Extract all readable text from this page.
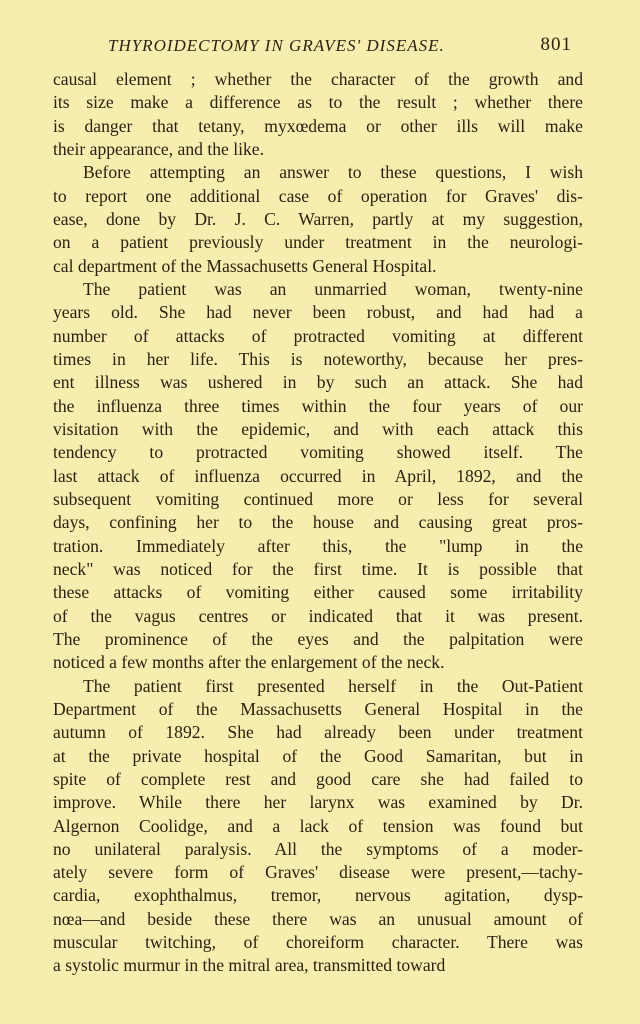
THYROIDECTOMY IN GRAVES' DISEASE.	801
causal element ; whether the character of the growth and
its size make a difference as to the result ; whether there
is danger that tetany, myxœdema or other ills will make
their appearance, and the like.
Before attempting an answer to these questions, I wish
to report one additional case of operation for Graves' dis-
ease, done by Dr. J. C. Warren, partly at my suggestion,
on a patient previously under treatment in the neurologi-
cal department of the Massachusetts General Hospital.
The patient was an unmarried woman, twenty-nine
years old. She had never been robust, and had had a
number of attacks of protracted vomiting at different
times in her life. This is noteworthy, because her pres-
ent illness was ushered in by such an attack. She had
the influenza three times within the four years of our
visitation with the epidemic, and with each attack this
tendency to protracted vomiting showed itself. The
last attack of influenza occurred in April, 1892, and the
subsequent vomiting continued more or less for several
days, confining her to the house and causing great pros-
tration. Immediately after this, the "lump in the
neck" was noticed for the first time. It is possible that
these attacks of vomiting either caused some irritability
of the vagus centres or indicated that it was present.
The prominence of the eyes and the palpitation were
noticed a few months after the enlargement of the neck.
The patient first presented herself in the Out-Patient
Department of the Massachusetts General Hospital in the
autumn of 1892. She had already been under treatment
at the private hospital of the Good Samaritan, but in
spite of complete rest and good care she had failed to
improve. While there her larynx was examined by Dr.
Algernon Coolidge, and a lack of tension was found but
no unilateral paralysis. All the symptoms of a moder-
ately severe form of Graves' disease were present,—tachy-
cardia, exophthalmus, tremor, nervous agitation, dysp-
nœa—and beside these there was an unusual amount of
muscular twitching, of choreiform character. There was
a systolic murmur in the mitral area, transmitted toward
